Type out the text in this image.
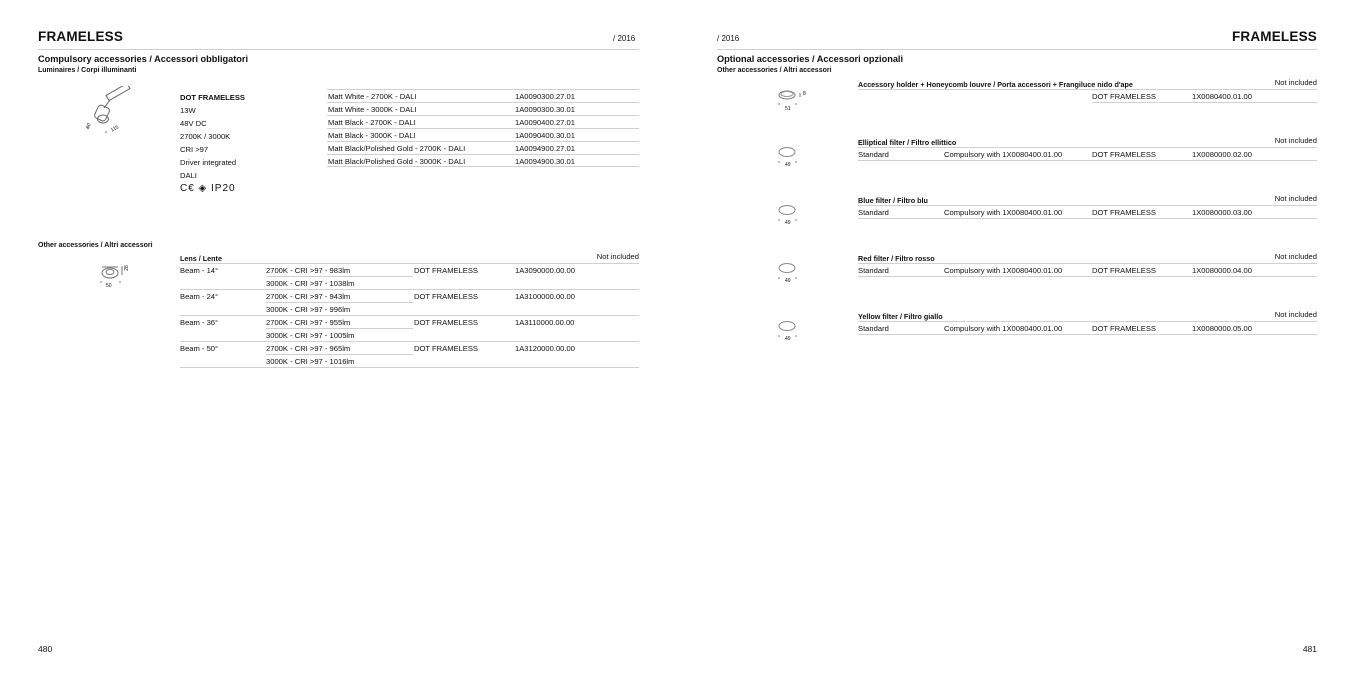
FRAMELESS	/ 2016
Compulsory accessories / Accessori obbligatori
Luminaires / Corpi illuminanti
60	115
DOT FRAMELESS
13W
48V DC
2700K / 3000K
CRI >97
Driver integrated
DALI
C€ ◈ IP20
Matt White - 2700K - DALI	1A0090300.27.01
Matt White - 3000K - DALI	1A0090300.30.01
Matt Black - 2700K - DALI	1A0090400.27.01
Matt Black - 3000K - DALI	1A0090400.30.01
Matt Black/Polished Gold - 2700K - DALI	1A0094900.27.01
Matt Black/Polished Gold - 3000K - DALI	1A0094900.30.01
Other accessories / Altri accessori
50
28
Lens / Lente	Not included
Beam - 14°	2700K - CRI >97 - 983lm	DOT FRAMELESS	1A3090000.00.00
3000K - CRI >97 - 1038lm
Beam - 24°	2700K - CRI >97 - 943lm	DOT FRAMELESS	1A3100000.00.00
3000K - CRI >97 - 996lm
Beam - 36°	2700K - CRI >97 - 955lm	DOT FRAMELESS	1A3110000.00.00
3000K - CRI >97 - 1005lm
Beam - 50°	2700K - CRI >97 - 965lm	DOT FRAMELESS	1A3120000.00.00
3000K - CRI >97 - 1016lm
480
/ 2016	FRAMELESS
Optional accessories / Accessori opzionali
Other accessories / Altri accessori
51
8
Accessory holder + Honeycomb louvre / Porta accessori + Frangiluce nido d'ape	Not included
DOT FRAMELESS	1X0080400.01.00
49
Elliptical filter / Filtro ellittico	Not included
Standard	Compulsory with 1X0080400.01.00	DOT FRAMELESS	1X0080000.02.00
49
Blue filter / Filtro blu	Not included
Standard	Compulsory with 1X0080400.01.00	DOT FRAMELESS	1X0080000.03.00
49
Red filter / Filtro rosso	Not included
Standard	Compulsory with 1X0080400.01.00	DOT FRAMELESS	1X0080000.04.00
49
Yellow filter / Filtro giallo	Not included
Standard	Compulsory with 1X0080400.01.00	DOT FRAMELESS	1X0080000.05.00
481
